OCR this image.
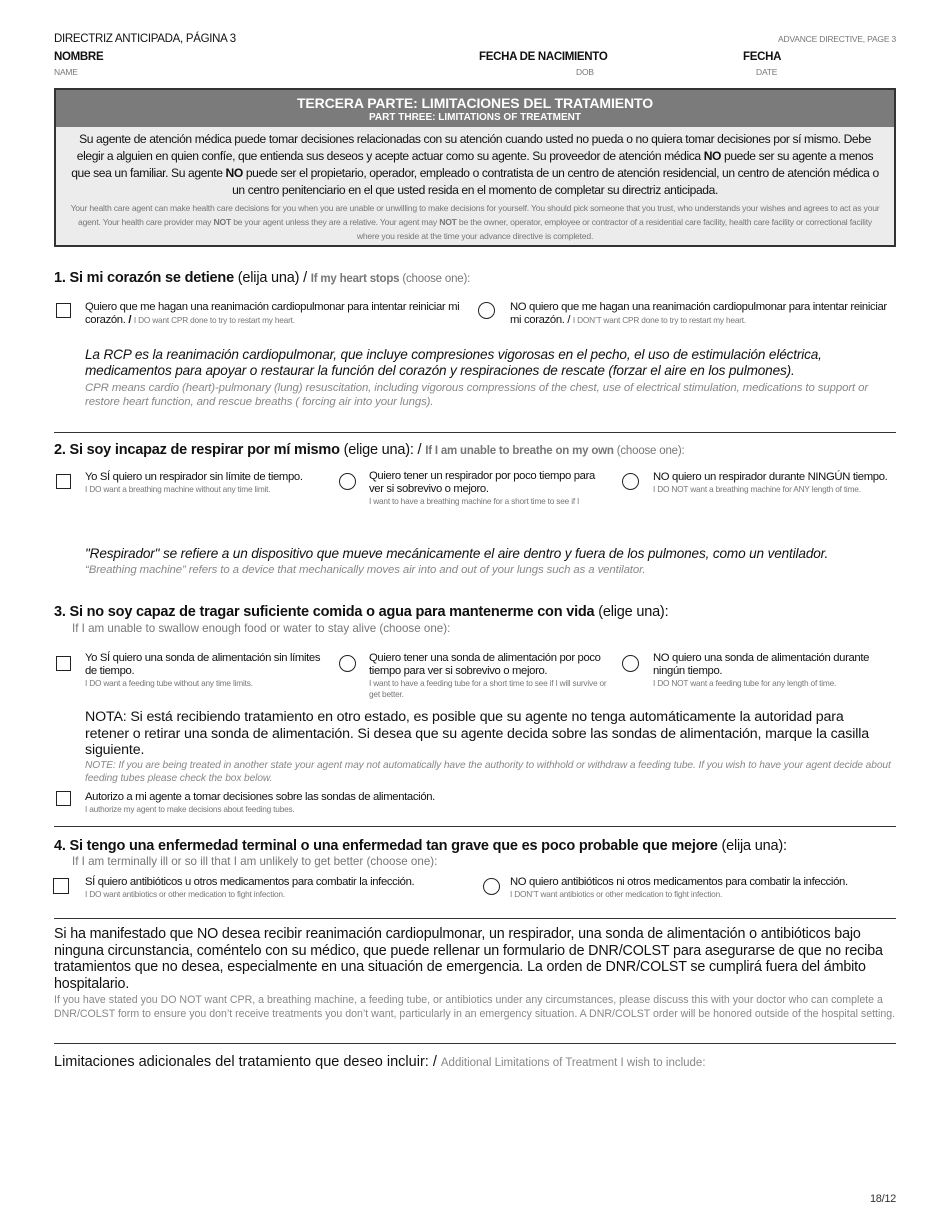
DIRECTRIZ ANTICIPADA, PÁGINA 3	ADVANCE DIRECTIVE, PAGE 3
NOMBRE
NAME
FECHA DE NACIMIENTO
DOB
FECHA
DATE
TERCERA PARTE: LIMITACIONES DEL TRATAMIENTO
PART THREE: LIMITATIONS OF TREATMENT
Su agente de atención médica puede tomar decisiones relacionadas con su atención cuando usted no pueda o no quiera tomar decisiones por sí mismo. Debe elegir a alguien en quien confíe, que entienda sus deseos y acepte actuar como su agente. Su proveedor de atención médica NO puede ser su agente a menos que sea un familiar. Su agente NO puede ser el propietario, operador, empleado o contratista de un centro de atención residencial, un centro de atención médica o un centro penitenciario en el que usted resida en el momento de completar su directriz anticipada.
Your health care agent can make health care decisions for you when you are unable or unwilling to make decisions for yourself. You should pick someone that you trust, who understands your wishes and agrees to act as your agent. Your health care provider may NOT be your agent unless they are a relative. Your agent may NOT be the owner, operator, employee or contractor of a residential care facility, health care facility or correctional facility where you reside at the time your advance directive is completed.
1. Si mi corazón se detiene (elija una) / If my heart stops (choose one):
Quiero que me hagan una reanimación cardiopulmonar para intentar reiniciar mi corazón. / I DO want CPR done to try to restart my heart.
NO quiero que me hagan una reanimación cardiopulmonar para intentar reiniciar mi corazón. / I DON’T want CPR done to try to restart my heart.
La RCP es la reanimación cardiopulmonar, que incluye compresiones vigorosas en el pecho, el uso de estimulación eléctrica, medicamentos para apoyar o restaurar la función del corazón y respiraciones de rescate (forzar el aire en los pulmones).
CPR means cardio (heart)-pulmonary (lung) resuscitation, including vigorous compressions of the chest, use of electrical stimulation, medications to support or restore heart function, and rescue breaths ( forcing air into your lungs).
2. Si soy incapaz de respirar por mí mismo (elige una): / If I am unable to breathe on my own (choose one):
Yo SÍ quiero un respirador sin límite de tiempo.
I DO want a breathing machine without any time limit.
Quiero tener un respirador por poco tiempo para ver si sobrevivo o mejoro.
I want to have a breathing machine for a short time to see if I
NO quiero un respirador durante NINGÚN tiempo.
I DO NOT want a breathing machine for ANY length of time.
"Respirador" se refiere a un dispositivo que mueve mecánicamente el aire dentro y fuera de los pulmones, como un ventilador.
“Breathing machine” refers to a device that mechanically moves air into and out of your lungs such as a ventilator.
3. Si no soy capaz de tragar suficiente comida o agua para mantenerme con vida (elige una):
If I am unable to swallow enough food or water to stay alive (choose one):
Yo SÍ quiero una sonda de alimentación sin límites de tiempo.
I DO want a feeding tube without any time limits.
Quiero tener una sonda de alimentación por poco tiempo para ver si sobrevivo o mejoro.
I want to have a feeding tube for a short time to see if I will survive or get better.
NO quiero una sonda de alimentación durante ningún tiempo.
I DO NOT want a feeding tube for any length of time.
NOTA: Si está recibiendo tratamiento en otro estado, es posible que su agente no tenga automáticamente la autoridad para retener o retirar una sonda de alimentación. Si desea que su agente decida sobre las sondas de alimentación, marque la casilla siguiente.
NOTE: If you are being treated in another state your agent may not automatically have the authority to withhold or withdraw a feeding tube. If you wish to have your agent decide about feeding tubes please check the box below.
Autorizo a mi agente a tomar decisiones sobre las sondas de alimentación.
I authorize my agent to make decisions about feeding tubes.
4. Si tengo una enfermedad terminal o una enfermedad tan grave que es poco probable que mejore (elija una):
If I am terminally ill or so ill that I am unlikely to get better (choose one):
SÍ quiero antibióticos u otros medicamentos para combatir la infección.
I DO want antibiotics or other medication to fight infection.
NO quiero antibióticos ni otros medicamentos para combatir la infección.
I DON’T want antibiotics or other medication to fight infection.
Si ha manifestado que NO desea recibir reanimación cardiopulmonar, un respirador, una sonda de alimentación o antibióticos bajo ninguna circunstancia, coméntelo con su médico, que puede rellenar un formulario de DNR/COLST para asegurarse de que no reciba tratamientos que no desea, especialmente en una situación de emergencia. La orden de DNR/COLST se cumplirá fuera del ámbito hospitalario.
If you have stated you DO NOT want CPR, a breathing machine, a feeding tube, or antibiotics under any circumstances, please discuss this with your doctor who can complete a DNR/COLST form to ensure you don’t receive treatments you don’t want, particularly in an emergency situation. A DNR/COLST order will be honored outside of the hospital setting.
Limitaciones adicionales del tratamiento que deseo incluir: / Additional Limitations of Treatment I wish to include:
18/12
